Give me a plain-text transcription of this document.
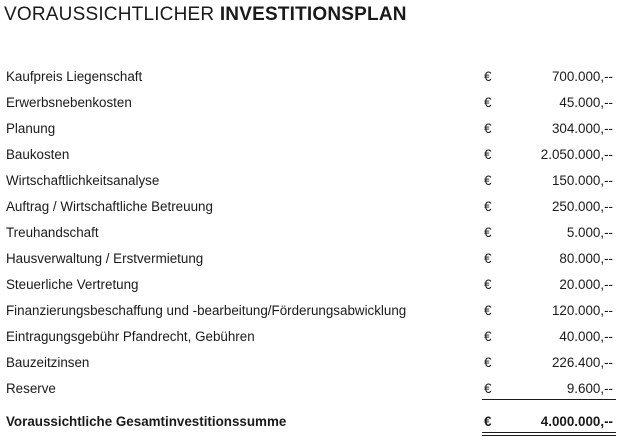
VORAUSSICHTLICHER INVESTITIONSPLAN
Kaufpreis Liegenschaft	€	700.000,--
Erwerbsnebenkosten	€	45.000,--
Planung	€	304.000,--
Baukosten	€	2.050.000,--
Wirtschaftlichkeitsanalyse	€	150.000,--
Auftrag / Wirtschaftliche Betreuung	€	250.000,--
Treuhandschaft	€	5.000,--
Hausverwaltung / Erstvermietung	€	80.000,--
Steuerliche Vertretung	€	20.000,--
Finanzierungsbeschaffung und -bearbeitung/Förderungsabwicklung	€	120.000,--
Eintragungsgebühr Pfandrecht, Gebühren	€	40.000,--
Bauzeitzinsen	€	226.400,--
Reserve	€	9.600,--
Voraussichtliche Gesamtinvestitionssumme	€	4.000.000,--
